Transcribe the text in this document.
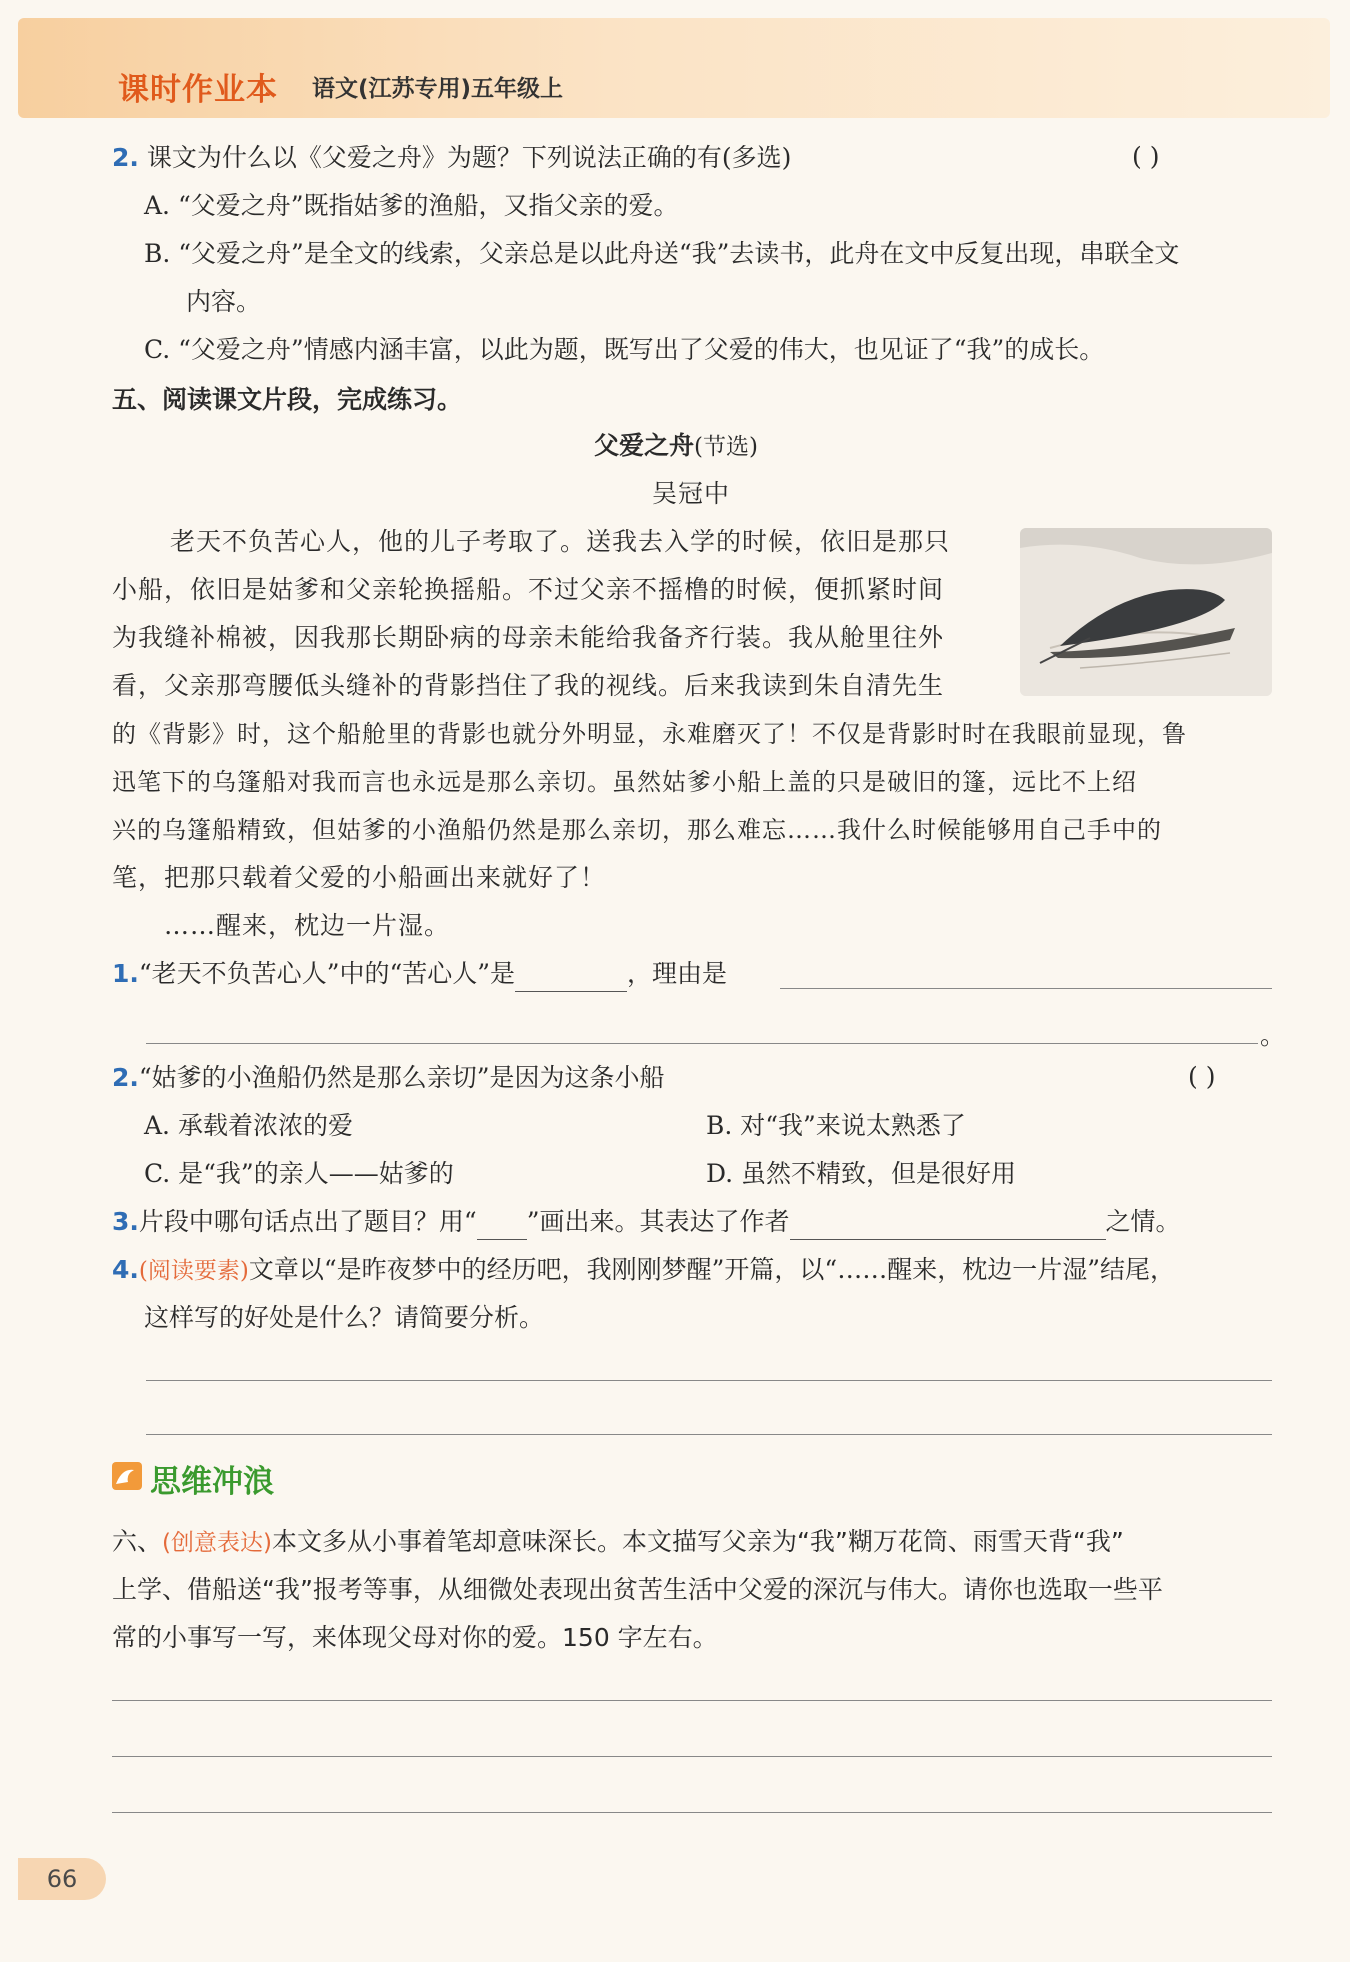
课时作业本 语文(江苏专用)五年级上
2. 课文为什么以《父爱之舟》为题？下列说法正确的有(多选)	( )
A. “父爱之舟”既指姑爹的渔船，又指父亲的爱。
B. “父爱之舟”是全文的线索，父亲总是以此舟送“我”去读书，此舟在文中反复出现，串联全文
内容。
C. “父爱之舟”情感内涵丰富，以此为题，既写出了父爱的伟大，也见证了“我”的成长。
五、阅读课文片段，完成练习。
父爱之舟(节选)
吴冠中
老天不负苦心人，他的儿子考取了。送我去入学的时候，依旧是那只
小船，依旧是姑爹和父亲轮换摇船。不过父亲不摇橹的时候，便抓紧时间
为我缝补棉被，因我那长期卧病的母亲未能给我备齐行装。我从舱里往外
看，父亲那弯腰低头缝补的背影挡住了我的视线。后来我读到朱自清先生
的《背影》时，这个船舱里的背影也就分外明显，永难磨灭了！不仅是背影时时在我眼前显现，鲁
迅笔下的乌篷船对我而言也永远是那么亲切。虽然姑爹小船上盖的只是破旧的篷，远比不上绍
兴的乌篷船精致，但姑爹的小渔船仍然是那么亲切，那么难忘……我什么时候能够用自己手中的
笔，把那只载着父爱的小船画出来就好了！
……醒来，枕边一片湿。
1.“老天不负苦心人”中的“苦心人”是	，理由是
。
2.“姑爹的小渔船仍然是那么亲切”是因为这条小船	( )
A. 承载着浓浓的爱	B. 对“我”来说太熟悉了
C. 是“我”的亲人——姑爹的	D. 虽然不精致，但是很好用
3.片段中哪句话点出了题目？用“ ”画出来。其表达了作者	之情。
4.(阅读要素)文章以“是昨夜梦中的经历吧，我刚刚梦醒”开篇，以“……醒来，枕边一片湿”结尾，
这样写的好处是什么？请简要分析。
思维冲浪
六、(创意表达)本文多从小事着笔却意味深长。本文描写父亲为“我”糊万花筒、雨雪天背“我”
上学、借船送“我”报考等事，从细微处表现出贫苦生活中父爱的深沉与伟大。请你也选取一些平
常的小事写一写，来体现父母对你的爱。150 字左右。
66
